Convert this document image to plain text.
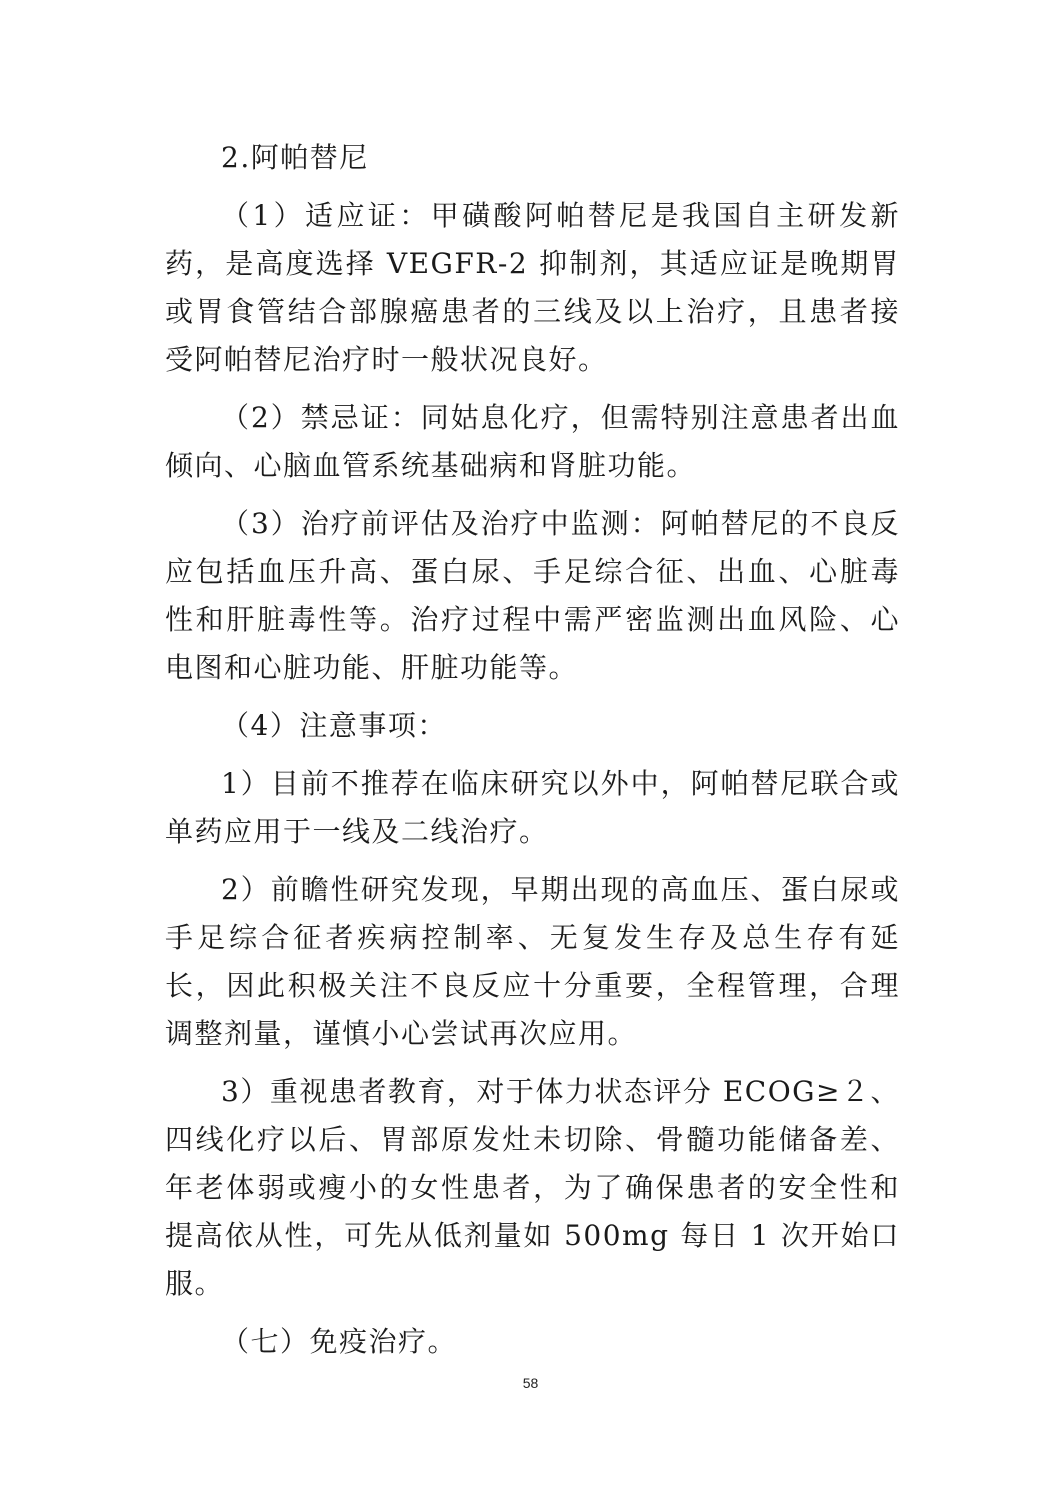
2.阿帕替尼

（1）适应证：甲磺酸阿帕替尼是我国自主研发新药，是高度选择 VEGFR-2 抑制剂，其适应证是晚期胃或胃食管结合部腺癌患者的三线及以上治疗，且患者接受阿帕替尼治疗时一般状况良好。

（2）禁忌证：同姑息化疗，但需特别注意患者出血倾向、心脑血管系统基础病和肾脏功能。

（3）治疗前评估及治疗中监测：阿帕替尼的不良反应包括血压升高、蛋白尿、手足综合征、出血、心脏毒性和肝脏毒性等。治疗过程中需严密监测出血风险、心电图和心脏功能、肝脏功能等。

（4）注意事项：

1）目前不推荐在临床研究以外中，阿帕替尼联合或单药应用于一线及二线治疗。

2）前瞻性研究发现，早期出现的高血压、蛋白尿或手足综合征者疾病控制率、无复发生存及总生存有延长，因此积极关注不良反应十分重要，全程管理，合理调整剂量，谨慎小心尝试再次应用。

3）重视患者教育，对于体力状态评分 ECOG≥２、四线化疗以后、胃部原发灶未切除、骨髓功能储备差、年老体弱或瘦小的女性患者，为了确保患者的安全性和提高依从性，可先从低剂量如 500mg 每日 1 次开始口服。

（七）免疫治疗。

58
